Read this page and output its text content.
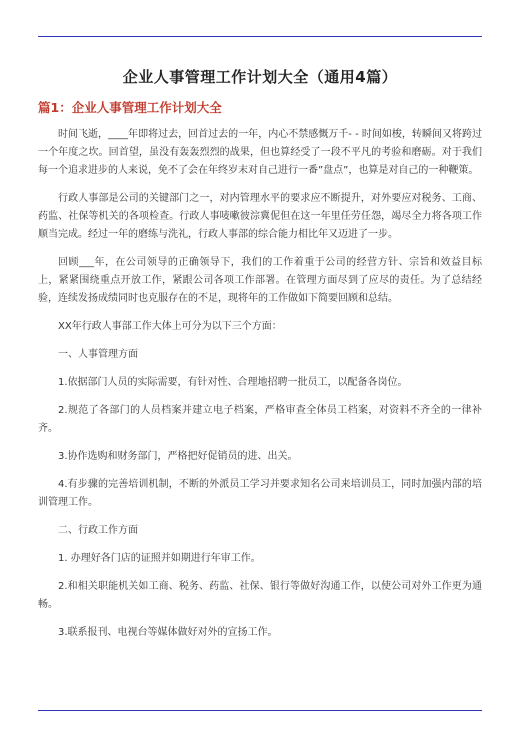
企业人事管理工作计划大全（通用4篇）
篇1：企业人事管理工作计划大全

时间飞逝，____年即将过去，回首过去的一年，内心不禁感慨万千- - 时间如梭，转瞬间又将跨过一个年度之坎。回首望，虽没有轰轰烈烈的战果，但也算经受了一段不平凡的考验和磨砺。对于我们每一个追求进步的人来说，免不了会在年终岁末对自己进行一番”盘点”，也算是对自己的一种鞭策。

行政人事部是公司的关键部门之一，对内管理水平的要求应不断提升，对外要应对税务、工商、药监、社保等机关的各项检查。行政人事唛嗽彼淙冀伲但在这一年里任劳任怨，竭尽全力将各项工作顺当完成。经过一年的磨练与洗礼，行政人事部的综合能力相比年又迈进了一步。

回顾___年，在公司领导的正确领导下，我们的工作着重于公司的经营方针、宗旨和效益目标上，紧紧围绕重点开放工作，紧跟公司各项工作部署。在管理方面尽到了应尽的责任。为了总结经验，连续发扬成绩同时也克服存在的不足，现将年的工作做如下简要回顾和总结。

XX年行政人事部工作大体上可分为以下三个方面：

一、人事管理方面

1.依据部门人员的实际需要，有针对性、合理地招聘一批员工，以配备各岗位。

2.规范了各部门的人员档案并建立电子档案，严格审查全体员工档案，对资料不齐全的一律补齐。

3.协作选购和财务部门，严格把好促销员的进、出关。

4.有步骤的完善培训机制，不断的外派员工学习并要求知名公司来培训员工，同时加强内部的培训管理工作。

二、行政工作方面

1. 办理好各门店的证照并如期进行年审工作。

2.和相关职能机关如工商、税务、药监、社保、银行等做好沟通工作，以使公司对外工作更为通畅。

3.联系报刊、电视台等媒体做好对外的宣扬工作。
